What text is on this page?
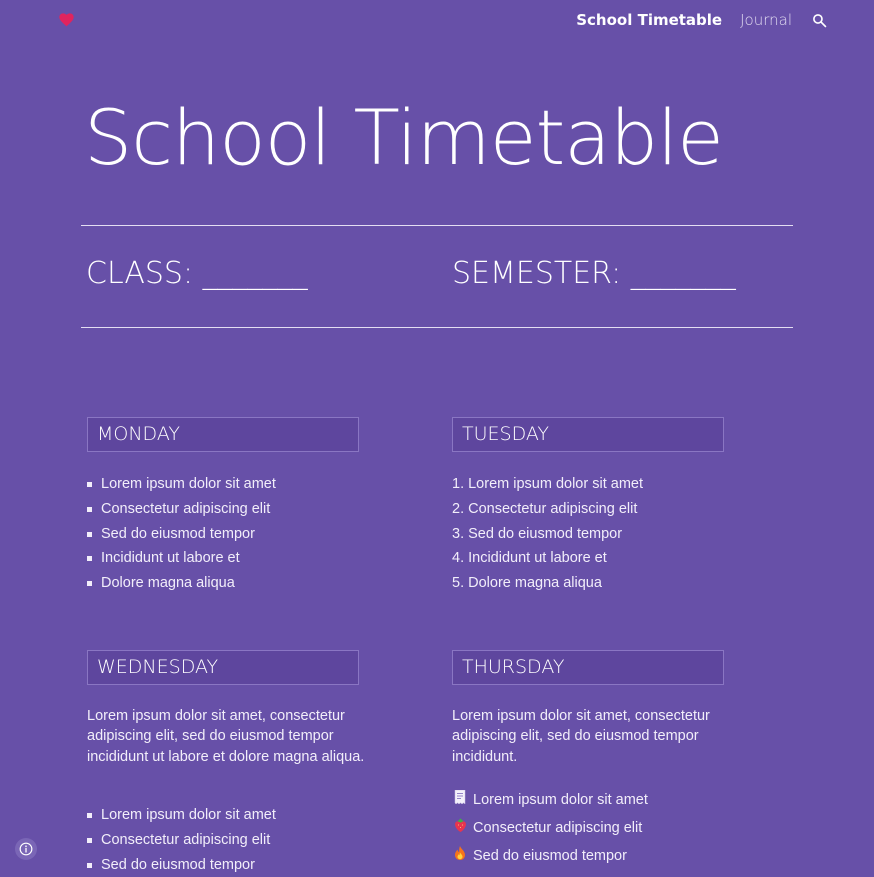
School Timetable Journal
School Timetable
CLASS: _______	SEMESTER: _______
MONDAY
Lorem ipsum dolor sit amet
Consectetur adipiscing elit
Sed do eiusmod tempor
Incididunt ut labore et
Dolore magna aliqua
TUESDAY
1. Lorem ipsum dolor sit amet
2. Consectetur adipiscing elit
3. Sed do eiusmod tempor
4. Incididunt ut labore et
5. Dolore magna aliqua
WEDNESDAY
Lorem ipsum dolor sit amet, consectetur adipiscing elit, sed do eiusmod tempor incididunt ut labore et dolore magna aliqua.
Lorem ipsum dolor sit amet
Consectetur adipiscing elit
Sed do eiusmod tempor
THURSDAY
Lorem ipsum dolor sit amet, consectetur adipiscing elit, sed do eiusmod tempor incididunt.
Lorem ipsum dolor sit amet
Consectetur adipiscing elit
Sed do eiusmod tempor
